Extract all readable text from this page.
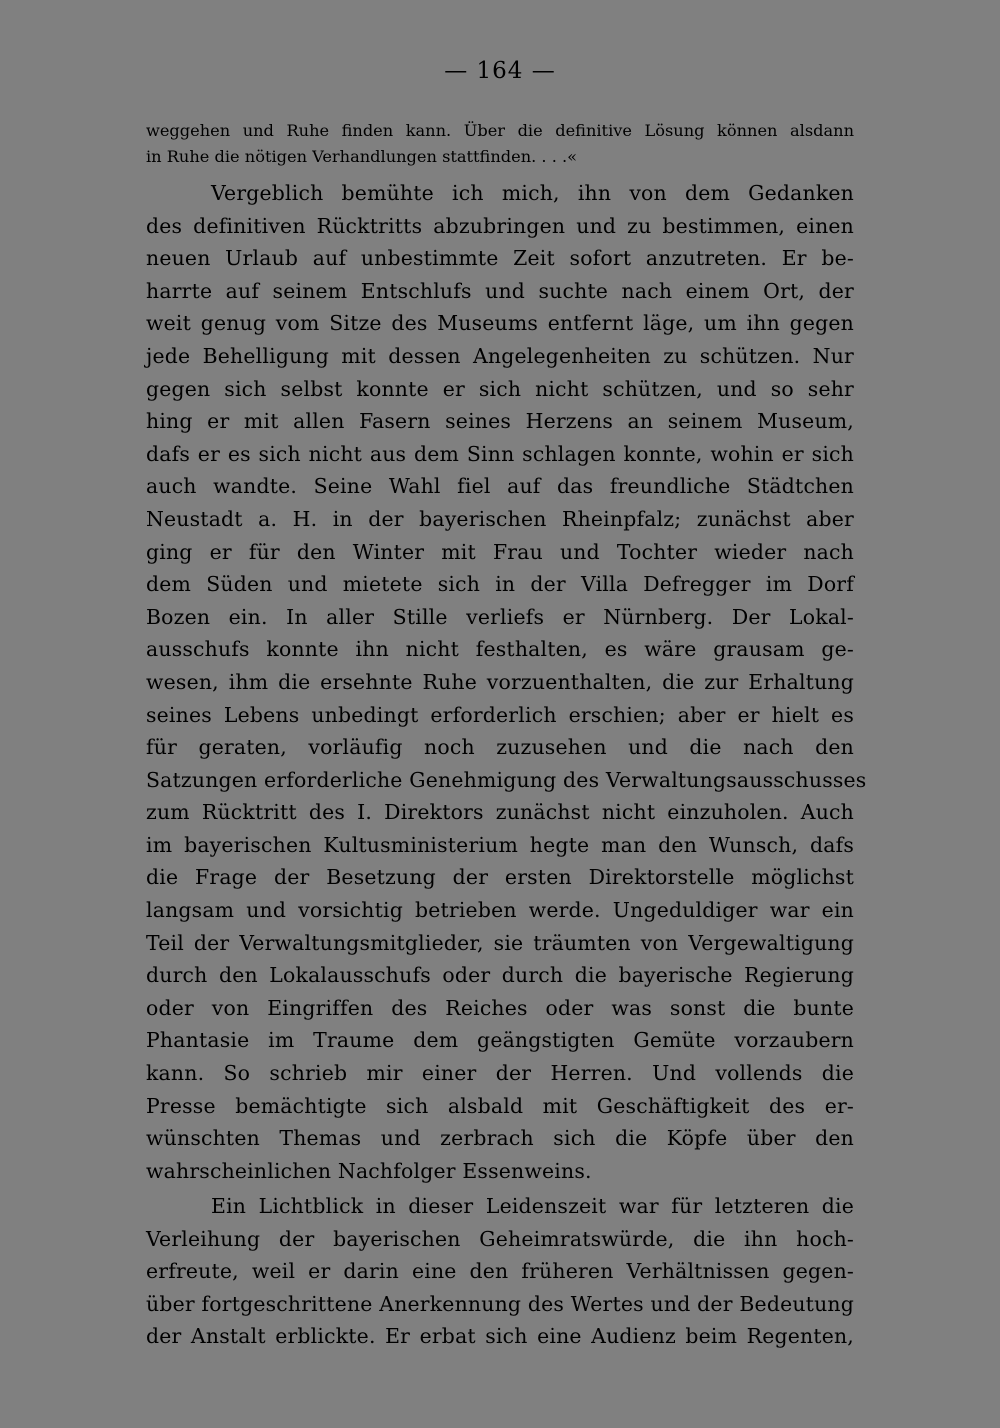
— 164 —
weggehen und Ruhe finden kann. Über die definitive Lösung können alsdann
in Ruhe die nötigen Verhandlungen stattfinden. . . .«
Vergeblich bemühte ich mich, ihn von dem Gedanken
des definitiven Rücktritts abzubringen und zu bestimmen, einen
neuen Urlaub auf unbestimmte Zeit sofort anzutreten. Er be-
harrte auf seinem Entschlufs und suchte nach einem Ort, der
weit genug vom Sitze des Museums entfernt läge, um ihn gegen
jede Behelligung mit dessen Angelegenheiten zu schützen. Nur
gegen sich selbst konnte er sich nicht schützen, und so sehr
hing er mit allen Fasern seines Herzens an seinem Museum,
dafs er es sich nicht aus dem Sinn schlagen konnte, wohin er sich
auch wandte. Seine Wahl fiel auf das freundliche Städtchen
Neustadt a. H. in der bayerischen Rheinpfalz; zunächst aber
ging er für den Winter mit Frau und Tochter wieder nach
dem Süden und mietete sich in der Villa Defregger im Dorf
Bozen ein. In aller Stille verliefs er Nürnberg. Der Lokal-
ausschufs konnte ihn nicht festhalten, es wäre grausam ge-
wesen, ihm die ersehnte Ruhe vorzuenthalten, die zur Erhaltung
seines Lebens unbedingt erforderlich erschien; aber er hielt es
für geraten, vorläufig noch zuzusehen und die nach den
Satzungen erforderliche Genehmigung des Verwaltungsausschusses
zum Rücktritt des I. Direktors zunächst nicht einzuholen. Auch
im bayerischen Kultusministerium hegte man den Wunsch, dafs
die Frage der Besetzung der ersten Direktorstelle möglichst
langsam und vorsichtig betrieben werde. Ungeduldiger war ein
Teil der Verwaltungsmitglieder, sie träumten von Vergewaltigung
durch den Lokalausschufs oder durch die bayerische Regierung
oder von Eingriffen des Reiches oder was sonst die bunte
Phantasie im Traume dem geängstigten Gemüte vorzaubern
kann. So schrieb mir einer der Herren. Und vollends die
Presse bemächtigte sich alsbald mit Geschäftigkeit des er-
wünschten Themas und zerbrach sich die Köpfe über den
wahrscheinlichen Nachfolger Essenweins.
Ein Lichtblick in dieser Leidenszeit war für letzteren die
Verleihung der bayerischen Geheimratswürde, die ihn hoch-
erfreute, weil er darin eine den früheren Verhältnissen gegen-
über fortgeschrittene Anerkennung des Wertes und der Bedeutung
der Anstalt erblickte. Er erbat sich eine Audienz beim Regenten,
